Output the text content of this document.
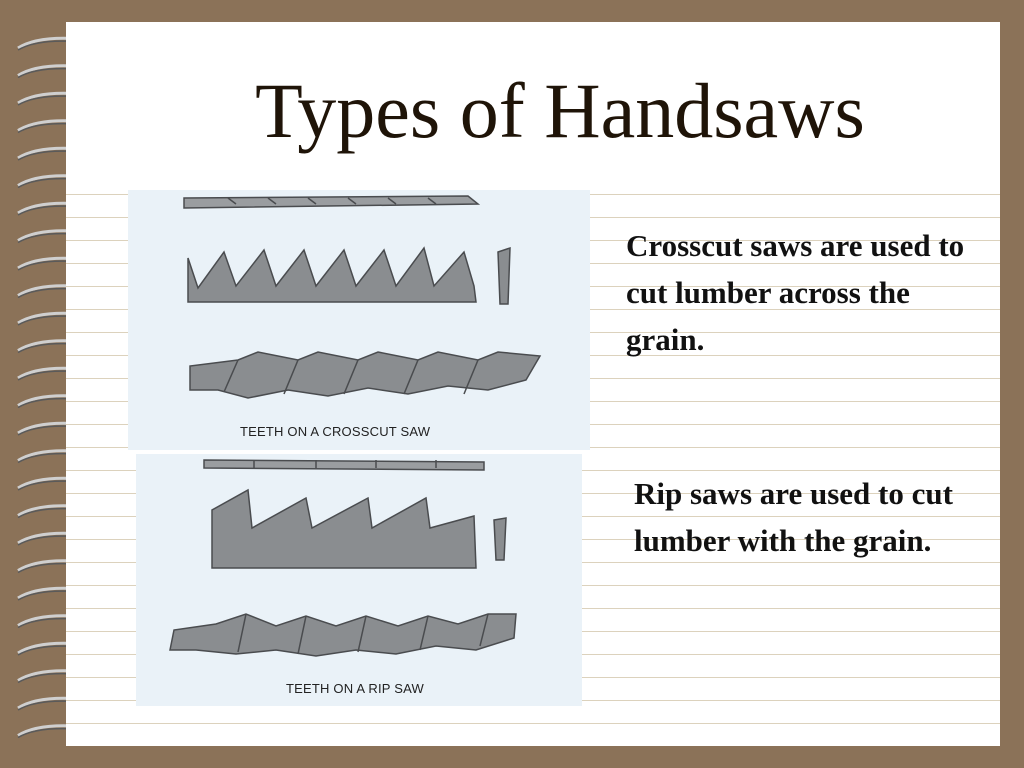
Types of Handsaws
TEETH ON A CROSSCUT SAW
TEETH ON A RIP SAW

Crosscut saws are used to cut lumber across the grain.

Rip saws are used to cut lumber with the grain.
